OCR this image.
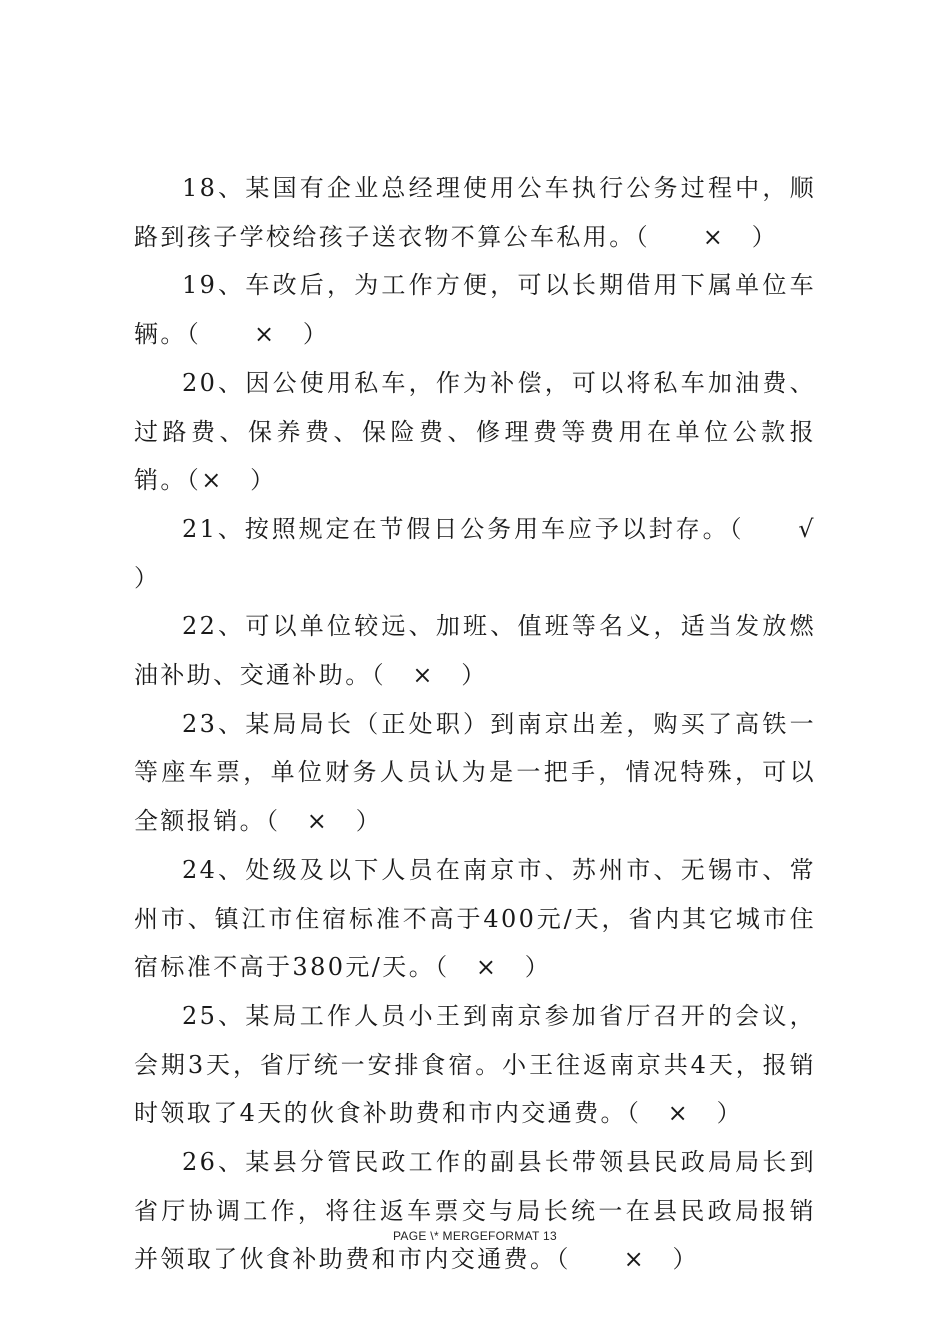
18、某国有企业总经理使用公车执行公务过程中，顺路到孩子学校给孩子送衣物不算公车私用。（　　×　）

19、车改后，为工作方便，可以长期借用下属单位车辆。（　　×　）

20、因公使用私车，作为补偿，可以将私车加油费、过路费、保养费、保险费、修理费等费用在单位公款报销。（×　）

21、按照规定在节假日公务用车应予以封存。（　　√　）

22、可以单位较远、加班、值班等名义，适当发放燃油补助、交通补助。（　×　）

23、某局局长（正处职）到南京出差，购买了高铁一等座车票，单位财务人员认为是一把手，情况特殊，可以全额报销。（　×　）

24、处级及以下人员在南京市、苏州市、无锡市、常州市、镇江市住宿标准不高于400元/天，省内其它城市住宿标准不高于380元/天。（　×　）

25、某局工作人员小王到南京参加省厅召开的会议，会期3天，省厅统一安排食宿。小王往返南京共4天，报销时领取了4天的伙食补助费和市内交通费。（　×　）

26、某县分管民政工作的副县长带领县民政局局长到省厅协调工作，将往返车票交与局长统一在县民政局报销并领取了伙食补助费和市内交通费。（　　×　）

PAGE \* MERGEFORMAT 13
